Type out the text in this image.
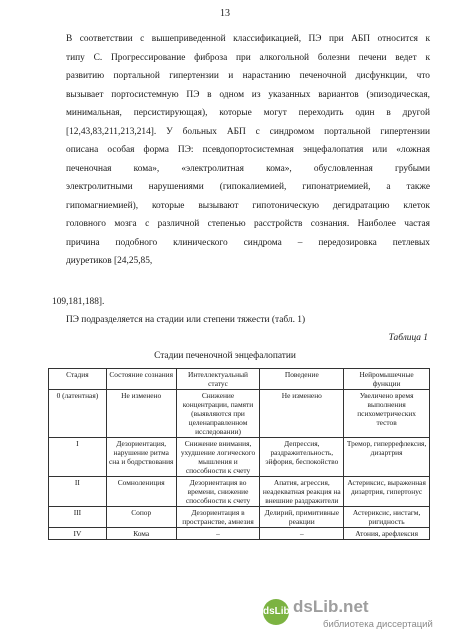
13

В соответствии с вышеприведенной классификацией, ПЭ при АБП относится к
типу С. Прогрессирование фиброза при алкогольной болезни печени ведет к
развитию портальной гипертензии и нарастанию печеночной дисфункции, что
вызывает портосистемную ПЭ в одном из указанных вариантов (эпизодическая,
минимальная, персистирующая), которые могут переходить один в другой
[12,43,83,211,213,214]. У больных АБП с синдромом портальной гипертензии
описана особая форма ПЭ: псевдопортосистемная энцефалопатия или «ложная
печеночная кома», «электролитная кома», обусловленная грубыми
электролитными нарушениями (гипокалиемией, гипонатриемией, а также
гипомагниемией), которые вызывают гипотоническую дегидратацию клеток
головного мозга с различной степенью расстройств сознания. Наиболее частая
причина подобного клинического синдрома – передозировка петлевых
диуретиков [24,25,85,

109,181,188].
ПЭ подразделяется на стадии или степени тяжести (табл. 1)
Таблица 1
Стадии печеночной энцефалопатии
Стадия	Состояние сознания	Интеллектуальный статус	Поведение	Нейромышечные функции
0 (латентная)	Не изменено	Снижение концентрации, памяти (выявляются при целенаправленном исследовании)	Не изменено	Увеличено время выполнения психометрических тестов
I	Дезориентация, нарушение ритма сна и бодрствования	Снижение внимания, ухудшение логического мышления и способности к счету	Депрессия, раздражительность, эйфория, беспокойство	Тремор, гиперрефлексия, дизартрия
II	Сомнолениция	Дезориентация во времени, снижение способности к счету	Апатия, агрессия, неадекватная реакция на внешние раздражители	Астериксис, выраженная дизартрия, гипертонус
III	Сопор	Дезориентация в пространстве, амнезия	Делирий, примитивные реакции	Астериксис, нистагм, ригидность
IV	Кома	–	–	Атония, арефлексия
dsLib dsLib.net
библиотека диссертаций
